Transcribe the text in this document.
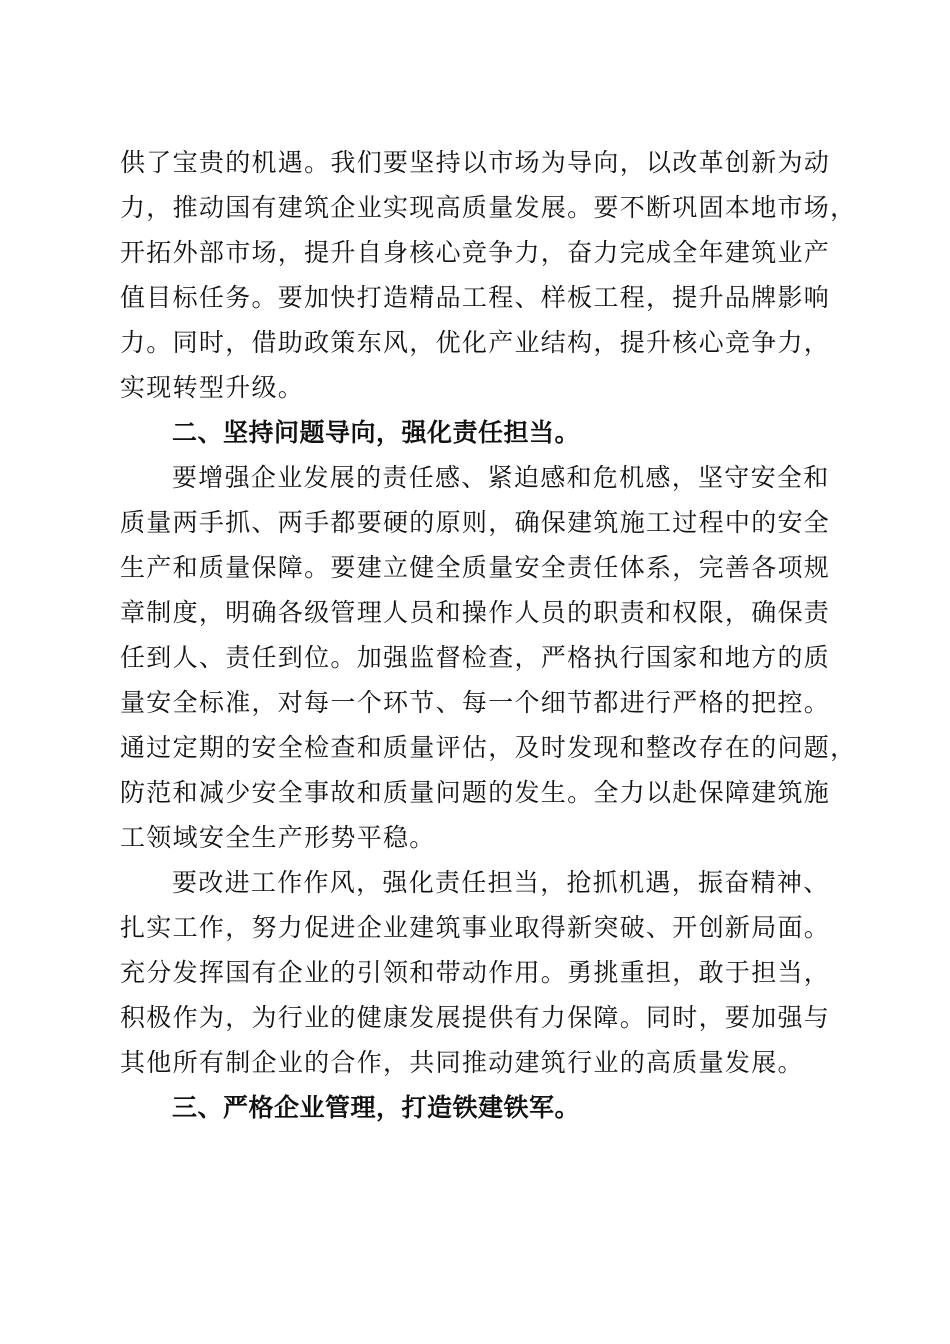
供了宝贵的机遇。我们要坚持以市场为导向，以改革创新为动
力，推动国有建筑企业实现高质量发展。要不断巩固本地市场，
开拓外部市场，提升自身核心竞争力，奋力完成全年建筑业产
值目标任务。要加快打造精品工程、样板工程，提升品牌影响
力。同时，借助政策东风，优化产业结构，提升核心竞争力，
实现转型升级。
二、坚持问题导向，强化责任担当。
要增强企业发展的责任感、紧迫感和危机感，坚守安全和
质量两手抓、两手都要硬的原则，确保建筑施工过程中的安全
生产和质量保障。要建立健全质量安全责任体系，完善各项规
章制度，明确各级管理人员和操作人员的职责和权限，确保责
任到人、责任到位。加强监督检查，严格执行国家和地方的质
量安全标准，对每一个环节、每一个细节都进行严格的把控。
通过定期的安全检查和质量评估，及时发现和整改存在的问题，
防范和减少安全事故和质量问题的发生。全力以赴保障建筑施
工领域安全生产形势平稳。
要改进工作作风，强化责任担当，抢抓机遇，振奋精神、
扎实工作，努力促进企业建筑事业取得新突破、开创新局面。
充分发挥国有企业的引领和带动作用。勇挑重担，敢于担当，
积极作为，为行业的健康发展提供有力保障。同时，要加强与
其他所有制企业的合作，共同推动建筑行业的高质量发展。
三、严格企业管理，打造铁建铁军。
